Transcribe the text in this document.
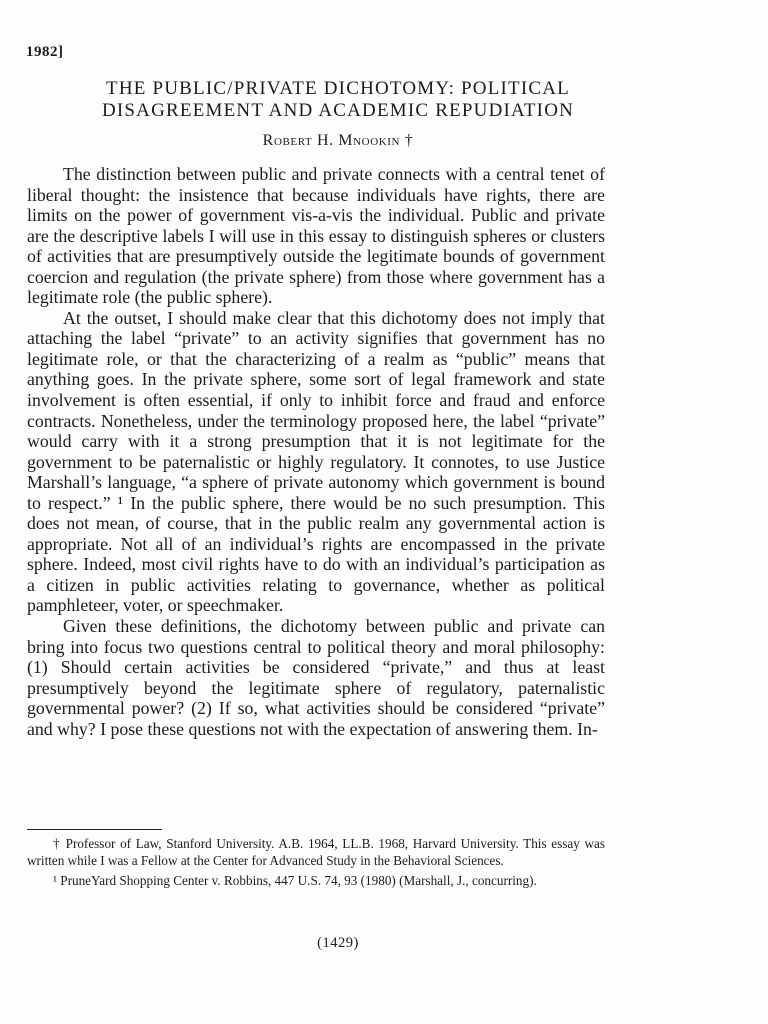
1982]
THE PUBLIC/PRIVATE DICHOTOMY: POLITICAL
DISAGREEMENT AND ACADEMIC REPUDIATION
Robert H. Mnookin †

The distinction between public and private connects with a central tenet of liberal thought: the insistence that because individuals have rights, there are limits on the power of government vis-a-vis the individual. Public and private are the descriptive labels I will use in this essay to distinguish spheres or clusters of activities that are presumptively outside the legitimate bounds of government coercion and regulation (the private sphere) from those where government has a legitimate role (the public sphere).

At the outset, I should make clear that this dichotomy does not imply that attaching the label “private” to an activity signifies that government has no legitimate role, or that the characterizing of a realm as “public” means that anything goes. In the private sphere, some sort of legal framework and state involvement is often essential, if only to inhibit force and fraud and enforce contracts. Nonetheless, under the terminology proposed here, the label “private” would carry with it a strong presumption that it is not legitimate for the government to be paternalistic or highly regulatory. It connotes, to use Justice Marshall’s language, “a sphere of private autonomy which government is bound to respect.” ¹ In the public sphere, there would be no such presumption. This does not mean, of course, that in the public realm any governmental action is appropriate. Not all of an individual’s rights are encompassed in the private sphere. Indeed, most civil rights have to do with an individual’s participation as a citizen in public activities relating to governance, whether as political pamphleteer, voter, or speechmaker.

Given these definitions, the dichotomy between public and private can bring into focus two questions central to political theory and moral philosophy: (1) Should certain activities be considered “private,” and thus at least presumptively beyond the legitimate sphere of regulatory, paternalistic governmental power? (2) If so, what activities should be considered “private” and why? I pose these questions not with the expectation of answering them. In-

† Professor of Law, Stanford University. A.B. 1964, LL.B. 1968, Harvard University. This essay was written while I was a Fellow at the Center for Advanced Study in the Behavioral Sciences.

¹ PruneYard Shopping Center v. Robbins, 447 U.S. 74, 93 (1980) (Marshall, J., concurring).

(1429)
